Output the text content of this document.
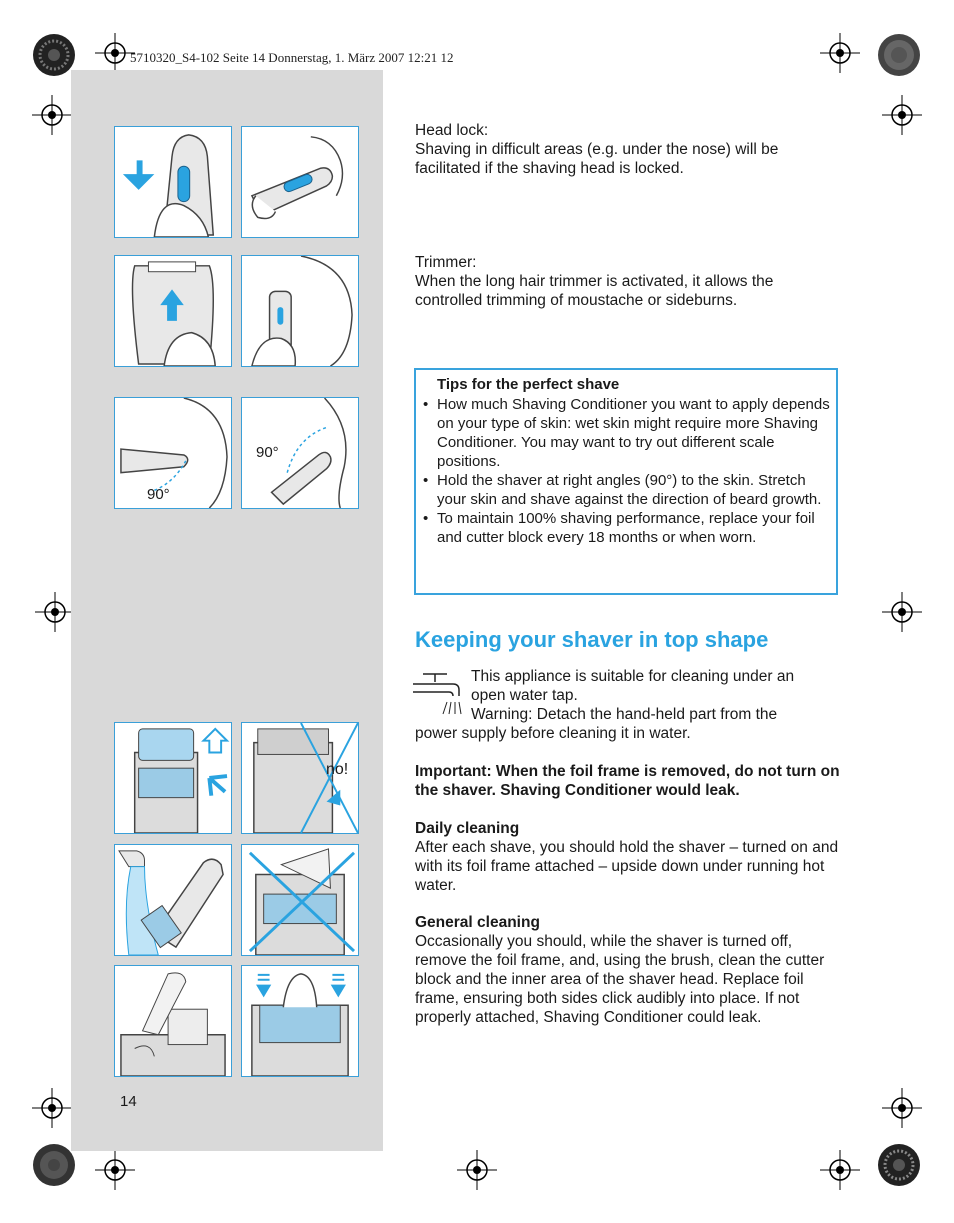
5710320_S4-102 Seite 14 Donnerstag, 1. März 2007 12:21 12
90°
90°
no!

Head lock:

Shaving in difficult areas (e.g. under the nose) will be facilitated if the shaving head is locked.

Trimmer:

When the long hair trimmer is activated, it allows the controlled trimming of moustache or sideburns.

Tips for the perfect shave
• How much Shaving Conditioner you want to apply depends on your type of skin: wet skin might require more Shaving Conditioner. You may want to try out different scale positions.
• Hold the shaver at right angles (90°) to the skin. Stretch your skin and shave against the direction of beard growth.
• To maintain 100% shaving performance, replace your foil and cutter block every 18 months or when worn.
Keeping your shaver in top shape

This appliance is suitable for cleaning under an

open water tap.

Warning: Detach the hand-held part from the

power supply before cleaning it in water.

Important: When the foil frame is removed, do not turn on the shaver. Shaving Conditioner would leak.

Daily cleaning

After each shave, you should hold the shaver – turned on and with its foil frame attached – upside down under running hot water.

General cleaning

Occasionally you should, while the shaver is turned off, remove the foil frame, and, using the brush, clean the cutter block and the inner area of the shaver head. Replace foil frame, ensuring both sides click audibly into place. If not properly attached, Shaving Conditioner could leak.

14
